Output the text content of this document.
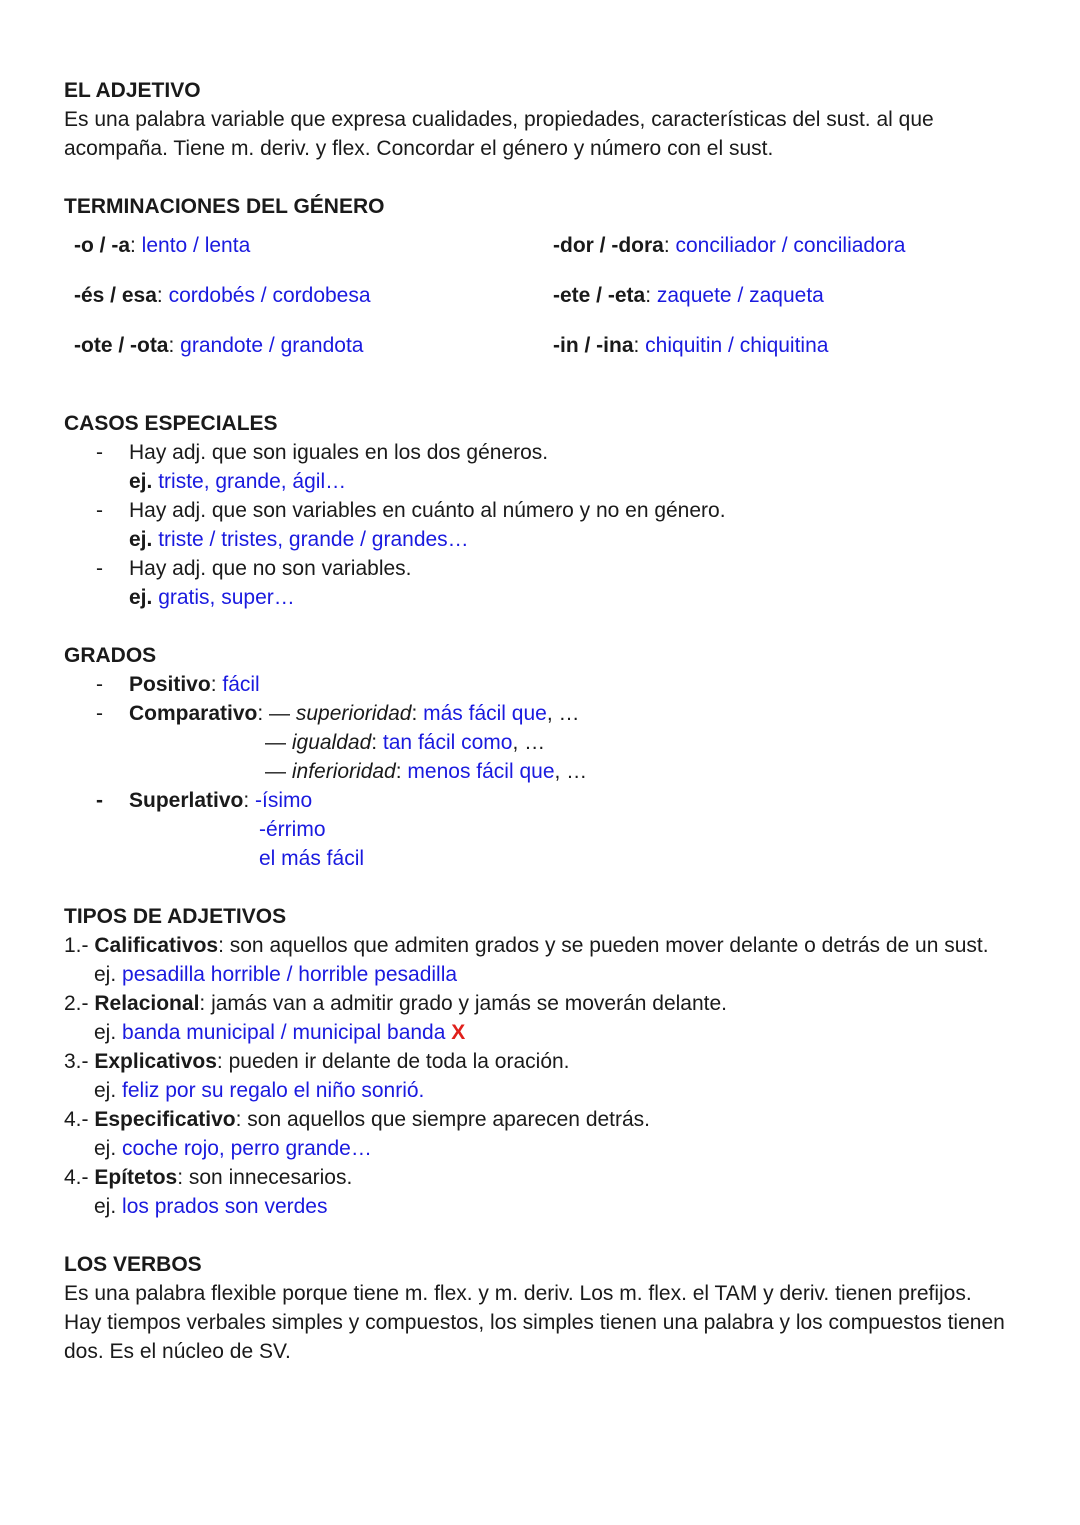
EL ADJETIVO
Es una palabra variable que expresa cualidades, propiedades, características del sust. al que acompaña. Tiene m. deriv. y flex. Concordar el género y número con el sust.
TERMINACIONES DEL GÉNERO
-o / -a: lento / lenta	-dor / -dora: conciliador / conciliadora
-és / esa: cordobés / cordobesa	-ete / -eta: zaquete / zaqueta
-ote / -ota: grandote / grandota	-in / -ina: chiquitin / chiquitina
CASOS ESPECIALES
- Hay adj. que son iguales en los dos géneros.
ej. triste, grande, ágil…
- Hay adj. que son variables en cuánto al número y no en género.
ej. triste / tristes, grande / grandes…
- Hay adj. que no son variables.
ej. gratis, super…
GRADOS
- Positivo: fácil
- Comparativo: — superioridad: más fácil que, …
— igualdad: tan fácil como, …
— inferioridad: menos fácil que, …
- Superlativo: -ísimo
-érrimo
el más fácil
TIPOS DE ADJETIVOS
1.- Calificativos: son aquellos que admiten grados y se pueden mover delante o detrás de un sust.
ej. pesadilla horrible / horrible pesadilla
2.- Relacional: jamás van a admitir grado y jamás se moverán delante.
ej. banda municipal / municipal banda X
3.- Explicativos: pueden ir delante de toda la oración.
ej. feliz por su regalo el niño sonrió.
4.- Especificativo: son aquellos que siempre aparecen detrás.
ej. coche rojo, perro grande…
4.- Epítetos: son innecesarios.
ej. los prados son verdes
LOS VERBOS
Es una palabra flexible porque tiene m. flex. y m. deriv. Los m. flex. el TAM y deriv. tienen prefijos. Hay tiempos verbales simples y compuestos, los simples tienen una palabra y los compuestos tienen dos. Es el núcleo de SV.
